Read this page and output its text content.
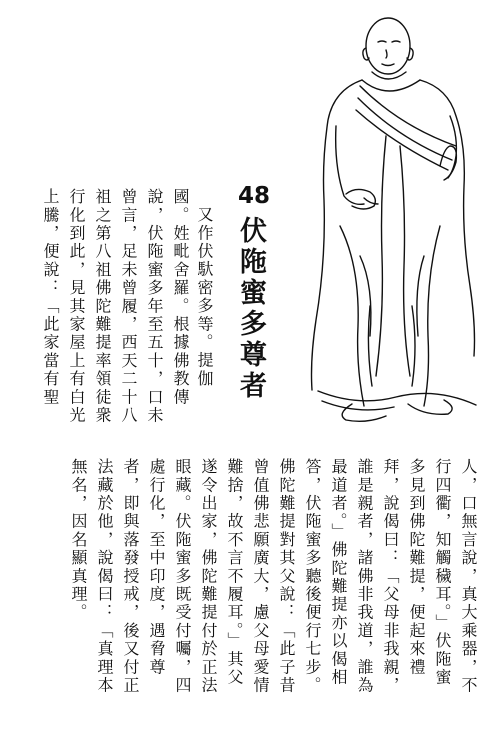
48
伏陁蜜多尊者
又作伏馱密多等。提伽
國。姓毗舍羅。根據佛教傳
說，伏陁蜜多年至五十，口未
曾言，足未曾履，西天二十八
祖之第八祖佛陀難提率領徒衆
行化到此，見其家屋上有白光
上騰，便說：「此家當有聖
人，口無言說，真大乘器，不
行四衢，知觸穢耳。」伏陁蜜
多見到佛陀難提，便起來禮
拜，說偈曰：「父母非我親，
誰是親者，諸佛非我道，誰為
最道者。」佛陀難提亦以偈相
答，伏陁蜜多聽後便行七步。
佛陀難提對其父說：「此子昔
曾值佛悲願廣大，慮父母愛情
難捨，故不言不履耳。」其父
遂令出家，佛陀難提付於正法
眼藏。伏陁蜜多既受付囑，四
處行化，至中印度，遇脅尊
者，即與落發授戒，後又付正
法藏於他，說偈曰：「真理本
無名，因名顯真理。
